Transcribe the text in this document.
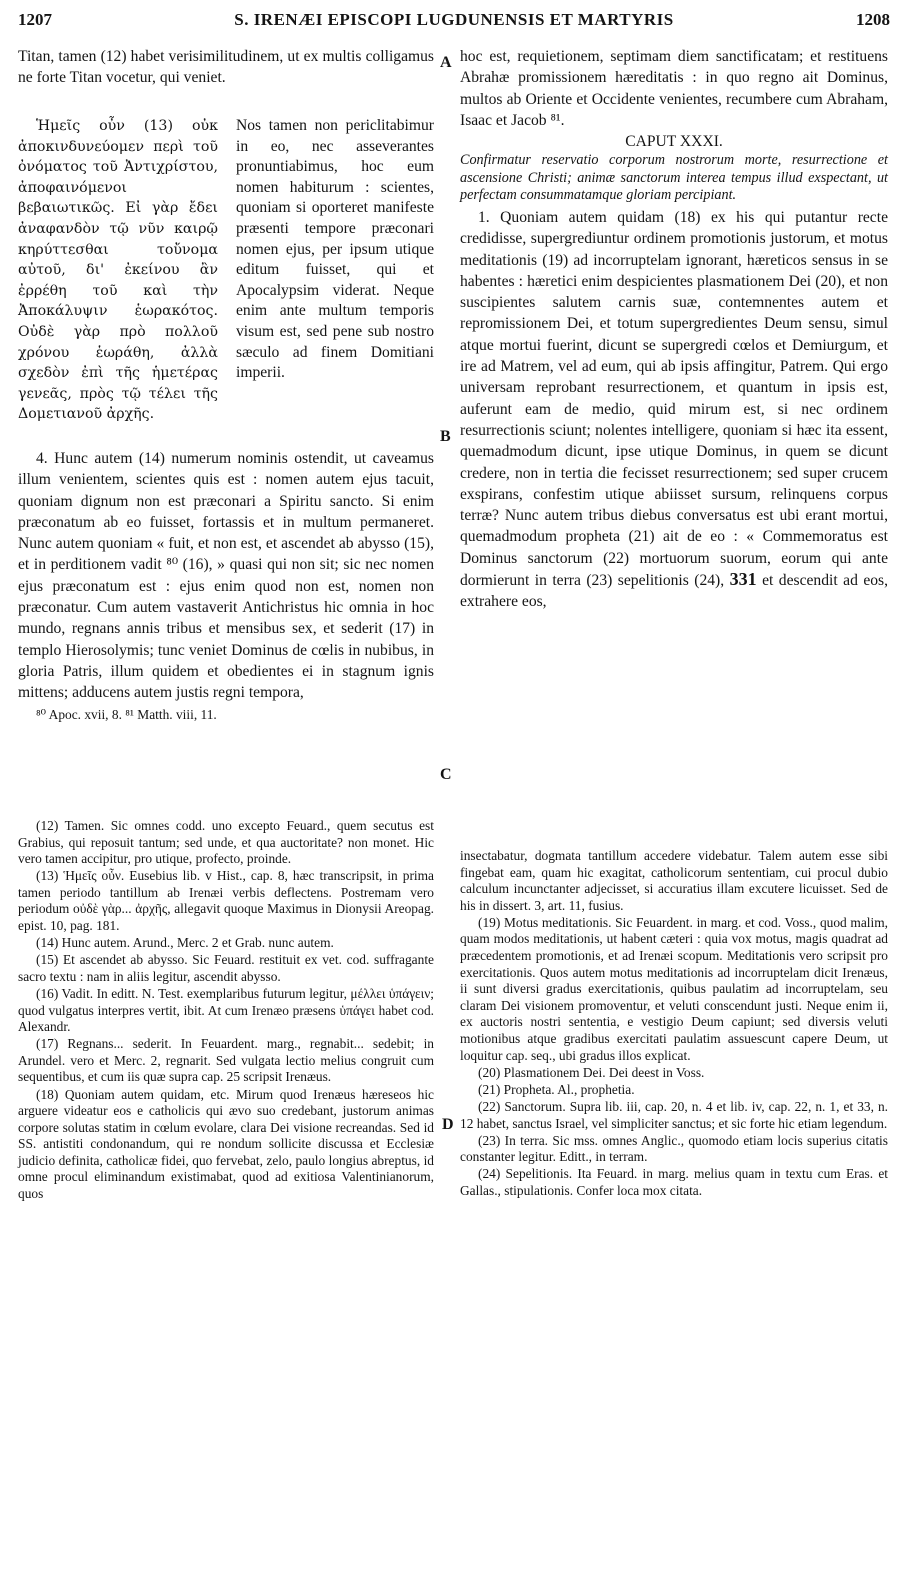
1207	S. IRENÆI EPISCOPI LUGDUNENSIS ET MARTYRIS	1208
A
B
C
D

Titan, tamen (12) habet verisimilitudinem, ut ex multis colligamus ne forte Titan vocetur, qui veniet.

Ἡμεῖς οὖν (13) οὐκ ἀποκινδυνεύομεν περὶ τοῦ ὀνόματος τοῦ Ἀντιχρίστου, ἀποφαινόμενοι βεβαιωτικῶς. Εἰ γὰρ ἔδει ἀναφανδὸν τῷ νῦν καιρῷ κηρύττεσθαι τοὔνομα αὐτοῦ, δι' ἐκείνου ἂν ἐρρέθη τοῦ καὶ τὴν Ἀποκάλυψιν ἑωρακότος. Οὐδὲ γὰρ πρὸ πολλοῦ χρόνου ἑωράθη, ἀλλὰ σχεδὸν ἐπὶ τῆς ἡμετέρας γενεᾶς, πρὸς τῷ τέλει τῆς Δομετιανοῦ ἀρχῆς.

Nos tamen non periclitabimur in eo, nec asseverantes pronuntiabimus, hoc eum nomen habiturum : scientes, quoniam si oporteret manifeste præsenti tempore præconari nomen ejus, per ipsum utique editum fuisset, qui et Apocalypsim viderat. Neque enim ante multum temporis visum est, sed pene sub nostro sæculo ad finem Domitiani imperii.

4. Hunc autem (14) numerum nominis ostendit, ut caveamus illum venientem, scientes quis est : nomen autem ejus tacuit, quoniam dignum non est præconari a Spiritu sancto. Si enim præconatum ab eo fuisset, fortassis et in multum permaneret. Nunc autem quoniam « fuit, et non est, et ascendet ab abysso (15), et in perditionem vadit ⁸⁰ (16), » quasi qui non sit; sic nec nomen ejus præconatum est : ejus enim quod non est, nomen non præconatur. Cum autem vastaverit Antichristus hic omnia in hoc mundo, regnans annis tribus et mensibus sex, et sederit (17) in templo Hierosolymis; tunc veniet Dominus de cœlis in nubibus, in gloria Patris, illum quidem et obedientes ei in stagnum ignis mittens; adducens autem justis regni tempora,

⁸⁰ Apoc. xvii, 8. ⁸¹ Matth. viii, 11.

(12) Tamen. Sic omnes codd. uno excepto Feuard., quem secutus est Grabius, qui reposuit tantum; sed unde, et qua auctoritate? non monet. Hic vero tamen accipitur, pro utique, profecto, proinde.

(13) Ἡμεῖς οὖν. Eusebius lib. v Hist., cap. 8, hæc transcripsit, in prima tamen periodo tantillum ab Irenæi verbis deflectens. Postremam vero periodum οὐδὲ γὰρ... ἀρχῆς, allegavit quoque Maximus in Dionysii Areopag. epist. 10, pag. 181.

(14) Hunc autem. Arund., Merc. 2 et Grab. nunc autem.

(15) Et ascendet ab abysso. Sic Feuard. restituit ex vet. cod. suffragante sacro textu : nam in aliis legitur, ascendit abysso.

(16) Vadit. In editt. N. Test. exemplaribus futurum legitur, μέλλει ὑπάγειν; quod vulgatus interpres vertit, ibit. At cum Irenæo præsens ὑπάγει habet cod. Alexandr.

(17) Regnans... sederit. In Feuardent. marg., regnabit... sedebit; in Arundel. vero et Merc. 2, regnarit. Sed vulgata lectio melius congruit cum sequentibus, et cum iis quæ supra cap. 25 scripsit Irenæus.

(18) Quoniam autem quidam, etc. Mirum quod Irenæus hæreseos hic arguere videatur eos e catholicis qui ævo suo credebant, justorum animas corpore solutas statim in cœlum evolare, clara Dei visione recreandas. Sed id SS. antistiti condonandum, qui re nondum sollicite discussa et Ecclesiæ judicio definita, catholicæ fidei, quo fervebat, zelo, paulo longius abreptus, id omne procul eliminandum existimabat, quod ad exitiosa Valentinianorum, quos

hoc est, requietionem, septimam diem sanctificatam; et restituens Abrahæ promissionem hæreditatis : in quo regno ait Dominus, multos ab Oriente et Occidente venientes, recumbere cum Abraham, Isaac et Jacob ⁸¹.

CAPUT XXXI.

Confirmatur reservatio corporum nostrorum morte, resurrectione et ascensione Christi; animæ sanctorum interea tempus illud exspectant, ut perfectam consummatamque gloriam percipiant.

1. Quoniam autem quidam (18) ex his qui putantur recte credidisse, supergrediuntur ordinem promotionis justorum, et motus meditationis (19) ad incorruptelam ignorant, hæreticos sensus in se habentes : hæretici enim despicientes plasmationem Dei (20), et non suscipientes salutem carnis suæ, contemnentes autem et repromissionem Dei, et totum supergredientes Deum sensu, simul atque mortui fuerint, dicunt se supergredi cœlos et Demiurgum, et ire ad Matrem, vel ad eum, qui ab ipsis affingitur, Patrem. Qui ergo universam reprobant resurrectionem, et quantum in ipsis est, auferunt eam de medio, quid mirum est, si nec ordinem resurrectionis sciunt; nolentes intelligere, quoniam si hæc ita essent, quemadmodum dicunt, ipse utique Dominus, in quem se dicunt credere, non in tertia die fecisset resurrectionem; sed super crucem exspirans, confestim utique abiisset sursum, relinquens corpus terræ? Nunc autem tribus diebus conversatus est ubi erant mortui, quemadmodum propheta (21) ait de eo : « Commemoratus est Dominus sanctorum (22) mortuorum suorum, eorum qui ante dormierunt in terra (23) sepelitionis (24), 331 et descendit ad eos, extrahere eos,

insectabatur, dogmata tantillum accedere videbatur. Talem autem esse sibi fingebat eam, quam hic exagitat, catholicorum sententiam, cui procul dubio calculum incunctanter adjecisset, si accuratius illam excutere licuisset. Sed de his in dissert. 3, art. 11, fusius.

(19) Motus meditationis. Sic Feuardent. in marg. et cod. Voss., quod malim, quam modos meditationis, ut habent cæteri : quia vox motus, magis quadrat ad præcedentem promotionis, et ad Irenæi scopum. Meditationis vero scripsit pro exercitationis. Quos autem motus meditationis ad incorruptelam dicit Irenæus, ii sunt diversi gradus exercitationis, quibus paulatim ad incorruptelam, seu claram Dei visionem promoventur, et veluti conscendunt justi. Neque enim ii, ex auctoris nostri sententia, e vestigio Deum capiunt; sed diversis veluti motionibus atque gradibus exercitati paulatim assuescunt capere Deum, ut loquitur cap. seq., ubi gradus illos explicat.

(20) Plasmationem Dei. Dei deest in Voss.

(21) Propheta. Al., prophetia.

(22) Sanctorum. Supra lib. iii, cap. 20, n. 4 et lib. iv, cap. 22, n. 1, et 33, n. 12 habet, sanctus Israel, vel simpliciter sanctus; et sic forte hic etiam legendum.

(23) In terra. Sic mss. omnes Anglic., quomodo etiam locis superius citatis constanter legitur. Editt., in terram.

(24) Sepelitionis. Ita Feuard. in marg. melius quam in textu cum Eras. et Gallas., stipulationis. Confer loca mox citata.
